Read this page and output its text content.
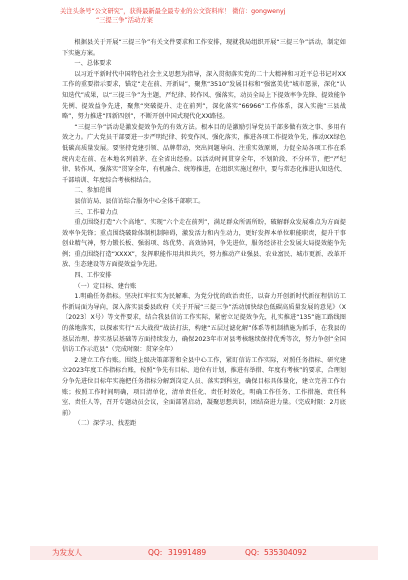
关注头条号“公文研究”，获得最新最全最专业的公文资料库！ 微信：gongwenyj
“三提三争”活动方案

根据县关于开展“三提三争”有关文件要求和工作安排，现就我局组织开展“三提三争”活动，制定如下实施方案。

一、总体要求

以习近平新时代中国特色社会主义思想为指导，深入贯彻落实党的二十大精神和习近平总书记对XX工作的重要指示要求，锚定“走在前、开新局”，聚焦“3510”发展目标和“强富美优”城市愿景，深化“认知迭代”成果，以“三提三争”为主题，严纪律、转作风、强落实，动员全局上下提效率争先锋、提效能争先例、提效益争先进，聚焦“突破提升、走在前列”，深化落实“66966”工作体系，深入实施“三县战略”，努力推进“四新四创”，不断开创中国式现代化XX路径。

“三提三争”活动是激发提效争先的有效方法。根本目的是激励引导党员干部多做有效之事、多用有效之力。广大党员干部要进一步严明纪律、转变作风、强化落实，推进各项工作提效争先，推动XX绿色低碳高质量发展。要坚持党建引领、品牌带动，突出问题导向、注重实效原则，力促全局各项工作在系统内走在前、在本地名列前茅、在全省出经验。以活动时间贯穿全年，不划阶段、不分环节，把“严纪律、转作风、强落实”贯穿全年，有机融合、统筹推进，在组织实施过程中，要与常态化推进认知迭代、千部培训、年度综合考核相结合。

二、参加范围

县信访局、县信访综合服务中心全体千部职工。

三、工作着力点

重点围绕打造“六个高地”、实现“六个走在前列”，满足群众所需所盼，破解群众发展难点为方面提效率争先锋；重点围绕破除体制机制障碍，激发活力和内生动力，更好发挥本单位职能职责，提升干事创业精气神，努力锻长板、强弱项、练优势、高效协同，争先进位，服务经济社会发展大局提效能争先例；重点围绕打造“XXXX”，发挥职能作用共担共兴，努力推动产业强县、农业富民、城市更新、改革开放、生态建设等方面提效益争先进。

四、工作安排

（一）定目标、建台账

1.明确任务指标。坚决扛牢扛实为民解难、为党分忧的政治责任，以奋力开创新时代新征程信访工作新局面为导向，深入落实县委县政府《关于开展“三提三争”活动加快绿色低碳高质量发展的意见》（X〔2023〕X号）等文件要求，结合我县信访工作实际，紧密立足提效争先，扎实推进“135”施工路线图的落地落实，以探索实行“五大战役”战法打法，构建“五层过滤化解”体系等机制措施为抓手，在我县的基层治理、荐实基层基础等方面持续发力，确保2023年市对县考核继续保持优秀等次，努力争创“全国信访工作示范县”（完成时限：贯穿全年）

2.建立工作台账。围绕上级决策部署和全县中心工作，紧盯信访工作实际，对照任务指标、研究建立2023年度工作指标台账，按照“争先有目标、追位有计划，推进有举措、年度有考核”的要求，合理划分争先进位目标年实施把任务指标分解到岗定人员、落实到科室，确保目标具体量化，建立完善工作台账；按照工作时间明确，项目清单化，清单责任化、责任时效化，明确工作任务、工作措施、责任科室、责任人等，召开专题动员会议，全面部署启动，凝聚思想共识，团结奋进力量。（完成时限：2月底前）

（二）深学习、找差距

为发友人	QQ: 31991489	QQ: 535304092
